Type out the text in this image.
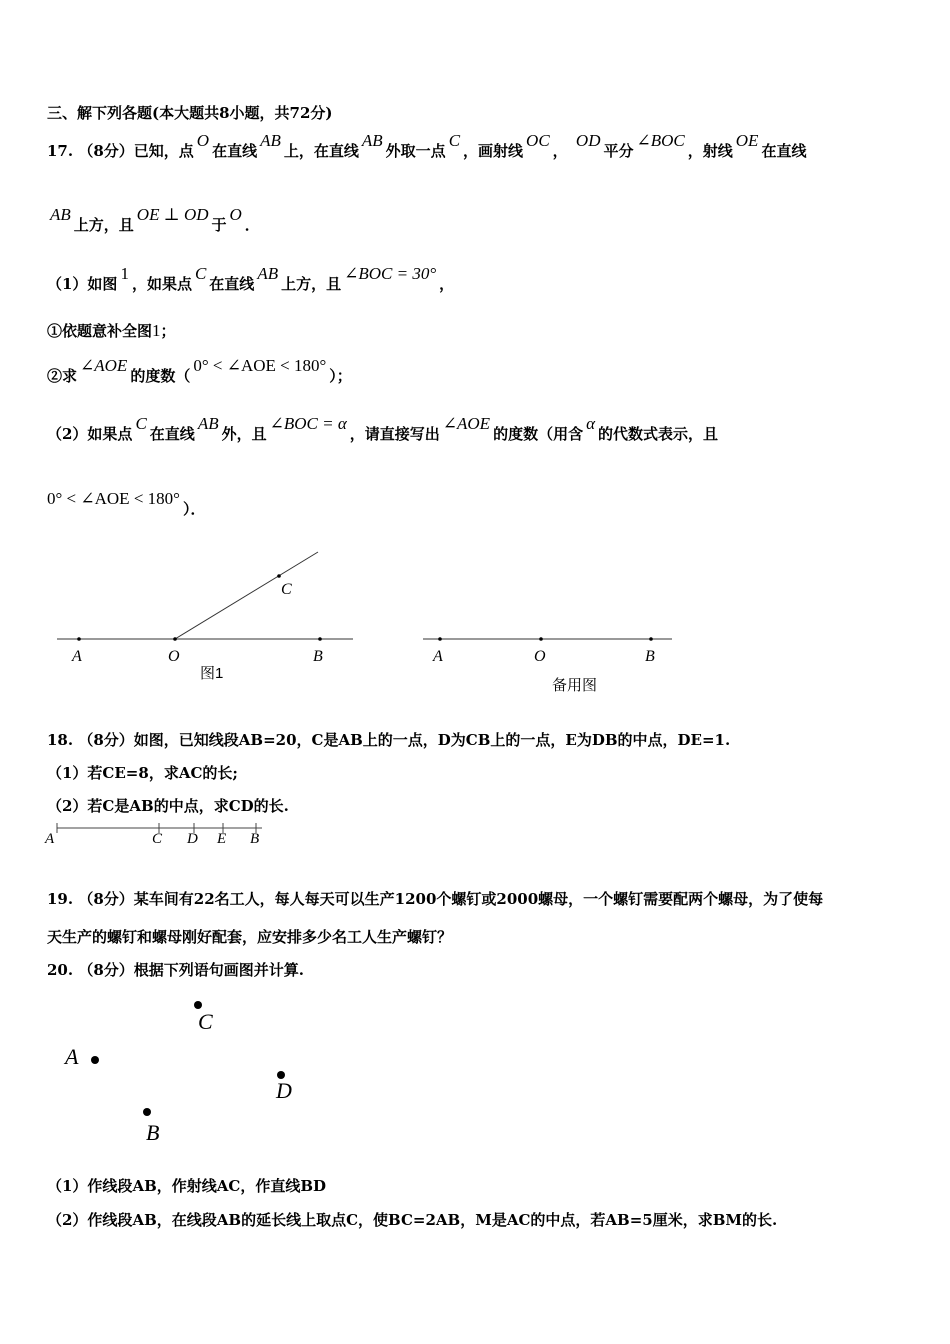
三、解下列各题(本大题共8小题，共72分)
17. （8分）已知，点O在直线AB上，在直线AB外取一点C，画射线OC， OD平分∠BOC，射线OE在直线
AB上方，且OE ⊥ OD于O．
（1）如图1，如果点C在直线AB上方，且∠BOC = 30°，
①依题意补全图1；
②求∠AOE的度数（0° < ∠AOE < 180°）；
（2）如果点C在直线AB外，且∠BOC = α，请直接写出∠AOE的度数（用含α的代数式表示，且
0° < ∠AOE < 180°）．
C
A	O	B
图1
A	O	B
备用图
18. （8分）如图，已知线段AB=20，C是AB上的一点，D为CB上的一点，E为DB的中点，DE=1.
（1）若CE=8，求AC的长;
（2）若C是AB的中点，求CD的长.
A	C D E B
19. （8分）某车间有22名工人，每人每天可以生产1200个螺钉或2000螺母，一个螺钉需要配两个螺母，为了使每
天生产的螺钉和螺母刚好配套，应安排多少名工人生产螺钉？
20. （8分）根据下列语句画图并计算.
A
B
C
D
（1）作线段AB，作射线AC，作直线BD
（2）作线段AB，在线段AB的延长线上取点C，使BC=2AB，M是AC的中点，若AB=5厘米，求BM的长.
